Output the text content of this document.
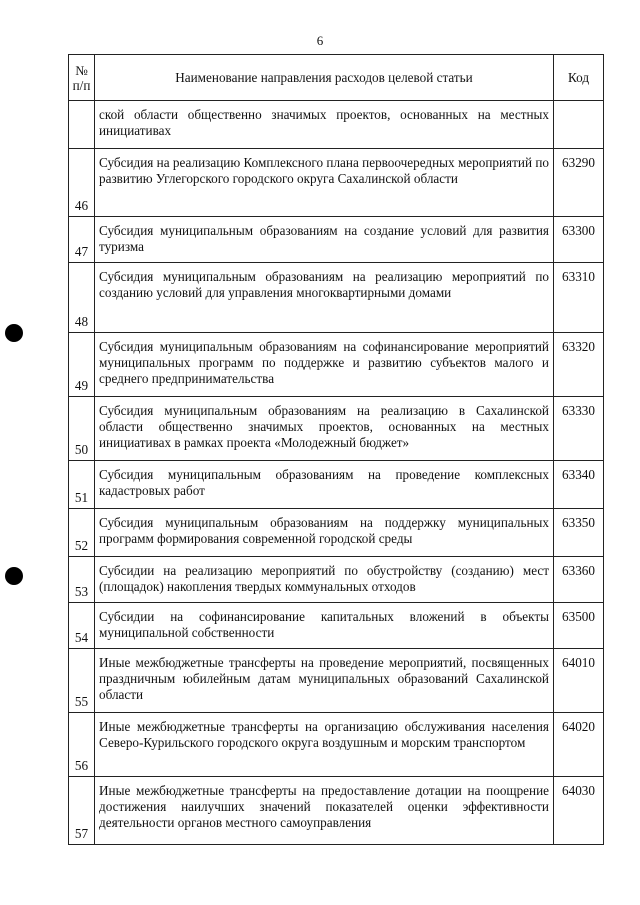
6
№ п/п	Наименование направления расходов целевой статьи	Код
	ской области общественно значимых проектов, основанных на местных инициативах	
46	Субсидия на реализацию Комплексного плана первоочередных мероприятий по развитию Углегорского городского округа Сахалинской области	63290
47	Субсидия муниципальным образованиям на создание условий для развития туризма	63300
48	Субсидия муниципальным образованиям на реализацию мероприятий по созданию условий для управления многоквартирными домами	63310
49	Субсидия муниципальным образованиям на софинансирование мероприятий муниципальных программ по поддержке и развитию субъектов малого и среднего предпринимательства	63320
50	Субсидия муниципальным образованиям на реализацию в Сахалинской области общественно значимых проектов, основанных на местных инициативах в рамках проекта «Молодежный бюджет»	63330
51	Субсидия муниципальным образованиям на проведение комплексных кадастровых работ	63340
52	Субсидия муниципальным образованиям на поддержку муниципальных программ формирования современной городской среды	63350
53	Субсидии на реализацию мероприятий по обустройству (созданию) мест (площадок) накопления твердых коммунальных отходов	63360
54	Субсидии на софинансирование капитальных вложений в объекты муниципальной собственности	63500
55	Иные межбюджетные трансферты на проведение мероприятий, посвященных праздничным юбилейным датам муниципальных образований Сахалинской области	64010
56	Иные межбюджетные трансферты на организацию обслуживания населения Северо-Курильского городского округа воздушным и морским транспортом	64020
57	Иные межбюджетные трансферты на предоставление дотации на поощрение достижения наилучших значений показателей оценки эффективности деятельности органов местного самоуправления	64030
